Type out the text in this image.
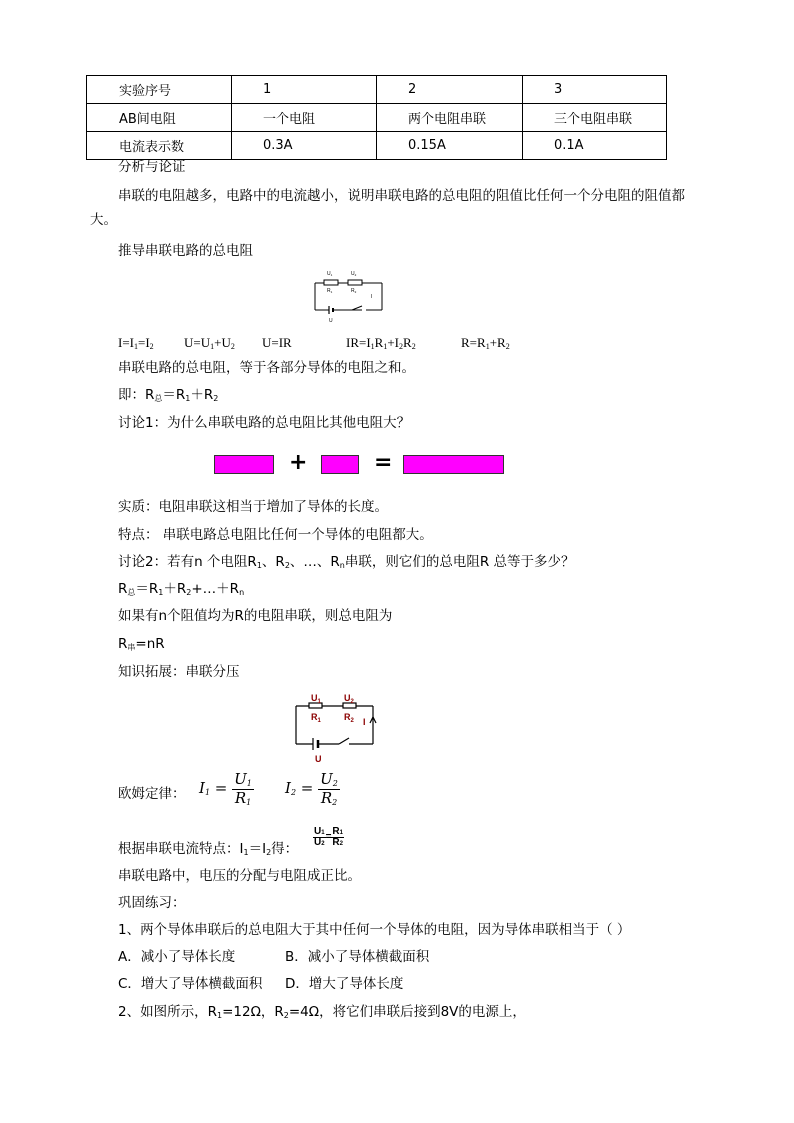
实验序号	1	2	3
AB间电阻	一个电阻	两个电阻串联	三个电阻串联
电流表示数	0.3A	0.15A	0.1A
分析与论证
串联的电阻越多，电路中的电流越小，说明串联电路的总电阻的阻值比任何一个分电阻的阻值都
大。
推导串联电路的总电阻
$U_1$	$U_2$
$R_1$	$R_2$
I
U
$I=I_1=I_2$ $U=U_1+U_2$ U=IR	$IR=I_1R_1+I_2R_2$	$R=R_1+R_2$
串联电路的总电阻，等于各部分导体的电阻之和。
即：$R_总=R_1+R_2$
讨论1：为什么串联电路的总电阻比其他电阻大？
+	=
实质：电阻串联这相当于增加了导体的长度。
特点： 串联电路总电阻比任何一个导体的电阻都大。
讨论2：若有n 个电阻$R_1$、$R_2$、…、$R_n$串联，则它们的总电阻R 总等于多少？
$R_总=R_1+R_2+\dots+R_n$
如果有n个阻值均为R的电阻串联，则总电阻为
$R_串=nR$
知识拓展：串联分压
$U_1$	$U_2$
$R_1$	$R_2$ I
U
欧姆定律： $I_1 = \frac{U_1}{R_1} I_2 = \frac{U_2}{R_2}$
根据串联电流特点：$I_1=I_2$得：
$\frac{U1}{U2} = \frac{R1}{R2}$
串联电路中，电压的分配与电阻成正比。
巩固练习：
1、两个导体串联后的总电阻大于其中任何一个导体的电阻，因为导体串联相当于（ ）
A．减小了导体长度	B．减小了导体横截面积
C．增大了导体横截面积 D．增大了导体长度
2、如图所示，$R_1=12\Omega$，$R_2=4\Omega$，将它们串联后接到8V的电源上，
